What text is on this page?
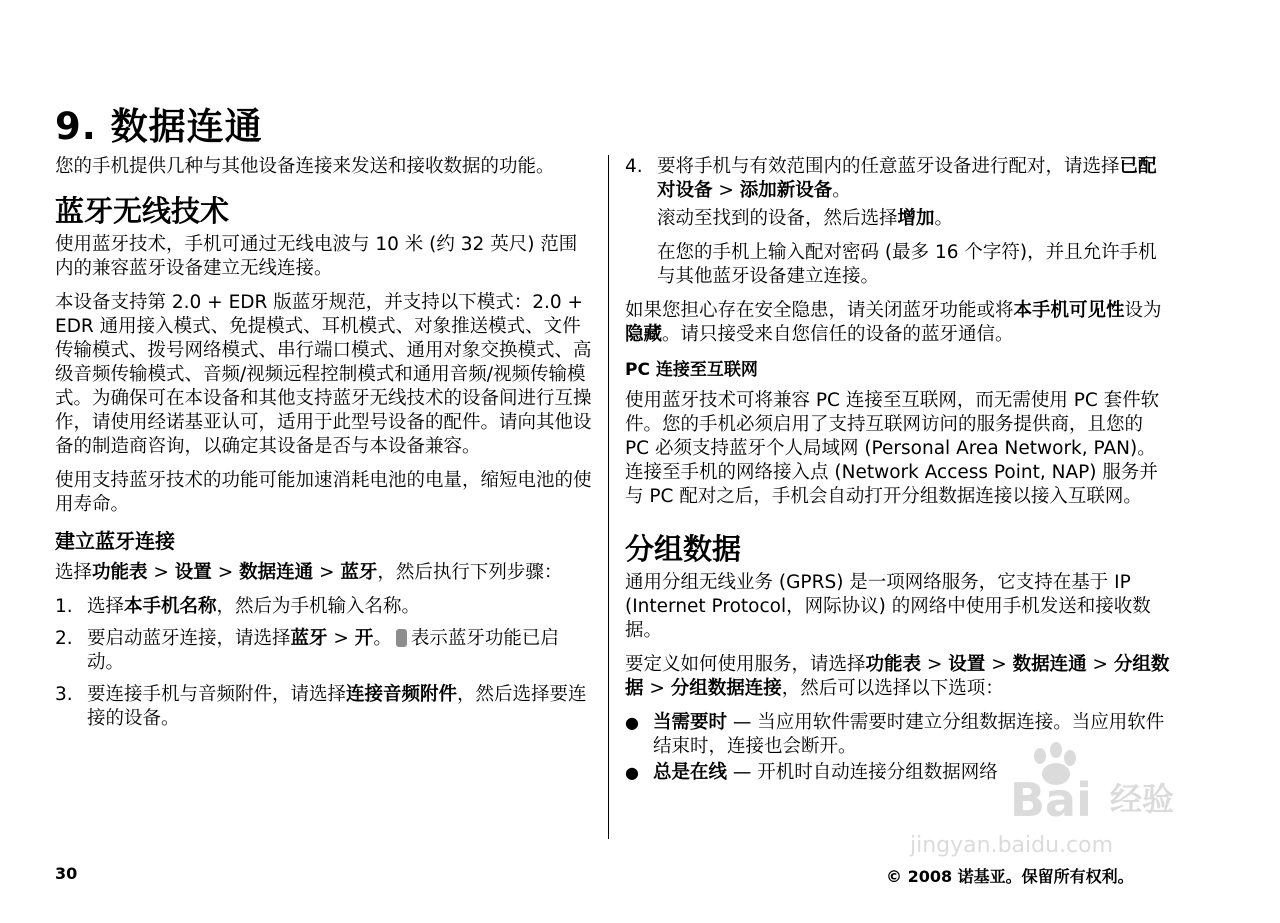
9. 数据连通

您的手机提供几种与其他设备连接来发送和接收数据的功能。

蓝牙无线技术

使用蓝牙技术，手机可通过无线电波与 10 米 (约 32 英尺) 范围内的兼容蓝牙设备建立无线连接。

本设备支持第 2.0 + EDR 版蓝牙规范，并支持以下模式：2.0 + EDR 通用接入模式、免提模式、耳机模式、对象推送模式、文件传输模式、拨号网络模式、串行端口模式、通用对象交换模式、高级音频传输模式、音频/视频远程控制模式和通用音频/视频传输模式。为确保可在本设备和其他支持蓝牙无线技术的设备间进行互操作，请使用经诺基亚认可，适用于此型号设备的配件。请向其他设备的制造商咨询，以确定其设备是否与本设备兼容。

使用支持蓝牙技术的功能可能加速消耗电池的电量，缩短电池的使用寿命。

建立蓝牙连接

选择功能表 > 设置 > 数据连通 > 蓝牙，然后执行下列步骤：

1. 选择本手机名称，然后为手机输入名称。
2. 要启动蓝牙连接，请选择蓝牙 > 开。 表示蓝牙功能已启动。
3. 要连接手机与音频附件，请选择连接音频附件，然后选择要连接的设备。
4. 要将手机与有效范围内的任意蓝牙设备进行配对，请选择已配对设备 > 添加新设备。

滚动至找到的设备，然后选择增加。

在您的手机上输入配对密码 (最多 16 个字符)，并且允许手机与其他蓝牙设备建立连接。

如果您担心存在安全隐患，请关闭蓝牙功能或将本手机可见性设为隐藏。请只接受来自您信任的设备的蓝牙通信。

PC 连接至互联网

使用蓝牙技术可将兼容 PC 连接至互联网，而无需使用 PC 套件软件。您的手机必须启用了支持互联网访问的服务提供商，且您的 PC 必须支持蓝牙个人局域网 (Personal Area Network, PAN)。连接至手机的网络接入点 (Network Access Point, NAP) 服务并与 PC 配对之后，手机会自动打开分组数据连接以接入互联网。

分组数据

通用分组无线业务 (GPRS) 是一项网络服务，它支持在基于 IP (Internet Protocol，网际协议) 的网络中使用手机发送和接收数据。

要定义如何使用服务，请选择功能表 > 设置 > 数据连通 > 分组数据 > 分组数据连接，然后可以选择以下选项：

● 当需要时 — 当应用软件需要时建立分组数据连接。当应用软件结束时，连接也会断开。
● 总是在线 — 开机时自动连接分组数据网络
30	© 2008 诺基亚。保留所有权利。
Bai 经验
jingyan.baidu.com
